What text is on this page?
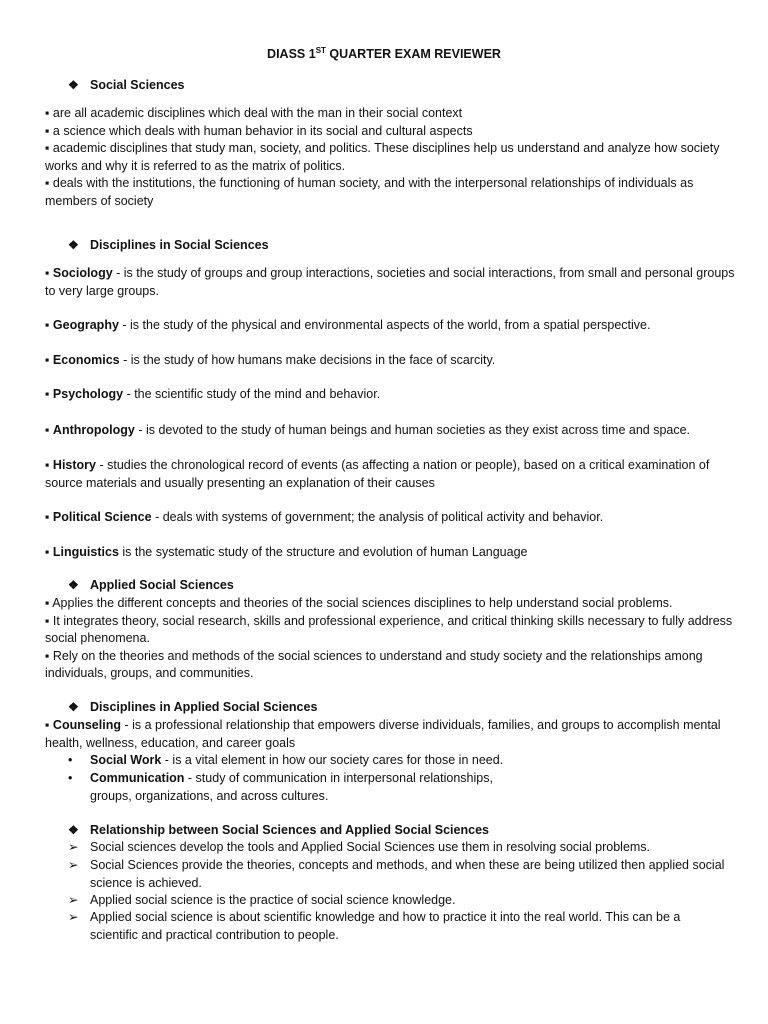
DIASS 1ST QUARTER EXAM REVIEWER
❖ Social Sciences
▪ are all academic disciplines which deal with the man in their social context
▪ a science which deals with human behavior in its social and cultural aspects
▪ academic disciplines that study man, society, and politics. These disciplines help us understand and analyze how society works and why it is referred to as the matrix of politics.
▪ deals with the institutions, the functioning of human society, and with the interpersonal relationships of individuals as members of society
❖ Disciplines in Social Sciences
▪ Sociology - is the study of groups and group interactions, societies and social interactions, from small and personal groups to very large groups.
▪ Geography - is the study of the physical and environmental aspects of the world, from a spatial perspective.
▪ Economics - is the study of how humans make decisions in the face of scarcity.
▪ Psychology - the scientific study of the mind and behavior.
▪ Anthropology - is devoted to the study of human beings and human societies as they exist across time and space.
▪ History - studies the chronological record of events (as affecting a nation or people), based on a critical examination of source materials and usually presenting an explanation of their causes
▪ Political Science - deals with systems of government; the analysis of political activity and behavior.
▪ Linguistics is the systematic study of the structure and evolution of human Language
❖ Applied Social Sciences
▪ Applies the different concepts and theories of the social sciences disciplines to help understand social problems.
▪ It integrates theory, social research, skills and professional experience, and critical thinking skills necessary to fully address social phenomena.
▪ Rely on the theories and methods of the social sciences to understand and study society and the relationships among individuals, groups, and communities.
❖ Disciplines in Applied Social Sciences
▪ Counseling - is a professional relationship that empowers diverse individuals, families, and groups to accomplish mental health, wellness, education, and career goals
• Social Work - is a vital element in how our society cares for those in need.
• Communication - study of communication in interpersonal relationships,
groups, organizations, and across cultures.
❖ Relationship between Social Sciences and Applied Social Sciences
➢ Social sciences develop the tools and Applied Social Sciences use them in resolving social problems.
➢ Social Sciences provide the theories, concepts and methods, and when these are being utilized then applied social science is achieved.
➢ Applied social science is the practice of social science knowledge.
➢ Applied social science is about scientific knowledge and how to practice it into the real world. This can be a scientific and practical contribution to people.
